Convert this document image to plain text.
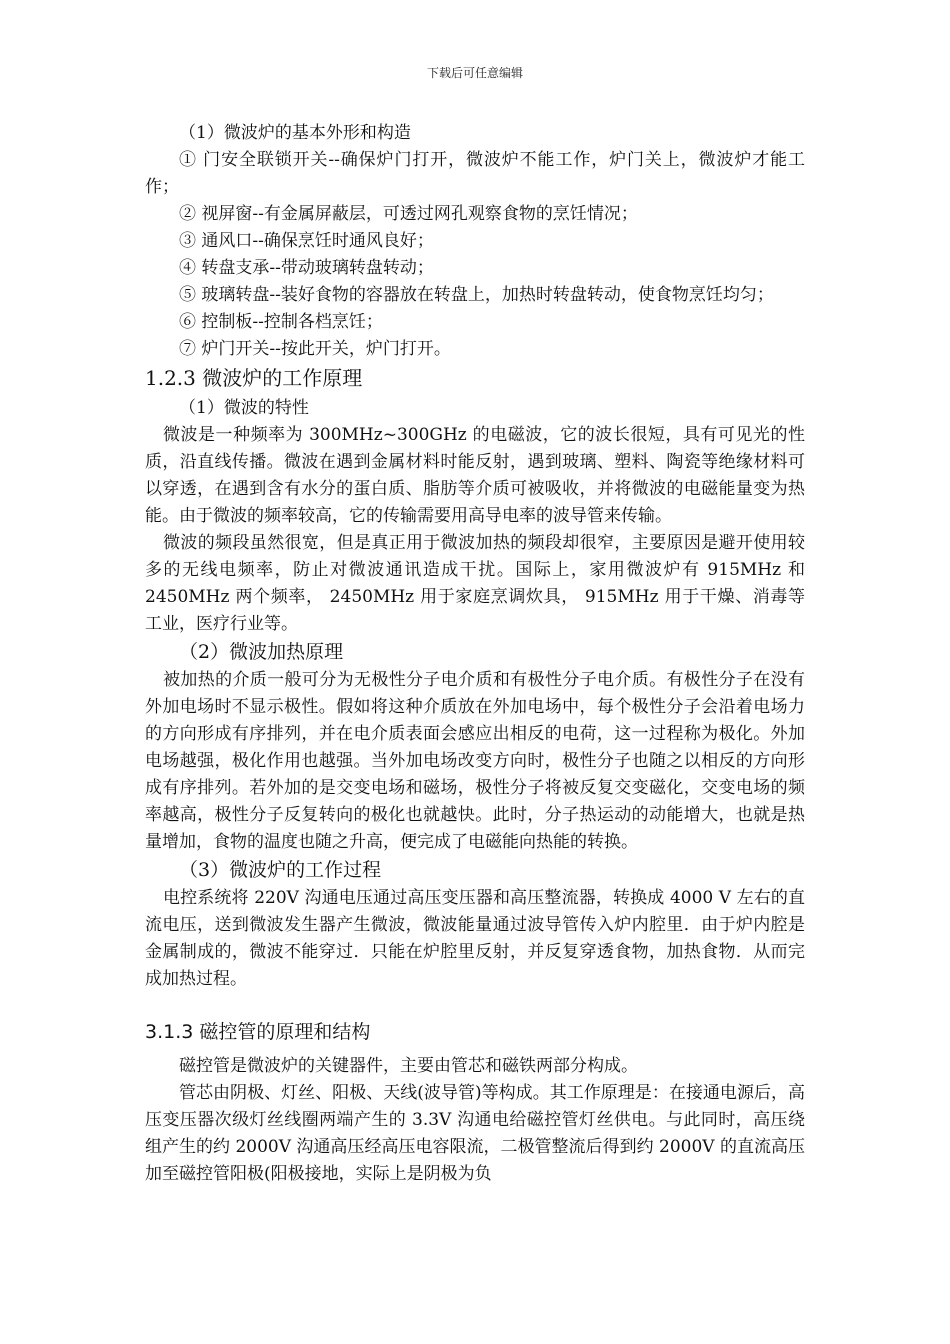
下载后可任意编辑

（1）微波炉的基本外形和构造

① 门安全联锁开关--确保炉门打开，微波炉不能工作，炉门关上，微波炉才能工作；

② 视屏窗--有金属屏蔽层，可透过网孔观察食物的烹饪情况；

③ 通风口--确保烹饪时通风良好；

④ 转盘支承--带动玻璃转盘转动；

⑤ 玻璃转盘--装好食物的容器放在转盘上，加热时转盘转动，使食物烹饪均匀；

⑥ 控制板--控制各档烹饪；

⑦ 炉门开关--按此开关，炉门打开。

1.2.3 微波炉的工作原理

（1）微波的特性

微波是一种频率为 300MHz~300GHz 的电磁波，它的波长很短，具有可见光的性质，沿直线传播。微波在遇到金属材料时能反射，遇到玻璃、塑料、陶瓷等绝缘材料可以穿透，在遇到含有水分的蛋白质、脂肪等介质可被吸收，并将微波的电磁能量变为热能。由于微波的频率较高，它的传输需要用高导电率的波导管来传输。

微波的频段虽然很宽，但是真正用于微波加热的频段却很窄，主要原因是避开使用较多的无线电频率，防止对微波通讯造成干扰。国际上，家用微波炉有 915MHz 和 2450MHz 两个频率， 2450MHz 用于家庭烹调炊具， 915MHz 用于干燥、消毒等工业，医疗行业等。

（2）微波加热原理

被加热的介质一般可分为无极性分子电介质和有极性分子电介质。有极性分子在没有外加电场时不显示极性。假如将这种介质放在外加电场中，每个极性分子会沿着电场力的方向形成有序排列，并在电介质表面会感应出相反的电荷，这一过程称为极化。外加电场越强，极化作用也越强。当外加电场改变方向时，极性分子也随之以相反的方向形成有序排列。若外加的是交变电场和磁场，极性分子将被反复交变磁化，交变电场的频率越高，极性分子反复转向的极化也就越快。此时，分子热运动的动能增大，也就是热量增加，食物的温度也随之升高，便完成了电磁能向热能的转换。

（3）微波炉的工作过程

电控系统将 220V 沟通电压通过高压变压器和高压整流器，转换成 4000 V 左右的直流电压，送到微波发生器产生微波，微波能量通过波导管传入炉内腔里．由于炉内腔是金属制成的，微波不能穿过．只能在炉腔里反射，并反复穿透食物，加热食物．从而完成加热过程。

3.1.3 磁控管的原理和结构

磁控管是微波炉的关键器件，主要由管芯和磁铁两部分构成。

管芯由阴极、灯丝、阳极、天线(波导管)等构成。其工作原理是：在接通电源后，高压变压器次级灯丝线圈两端产生的 3.3V 沟通电给磁控管灯丝供电。与此同时，高压绕组产生的约 2000V 沟通高压经高压电容限流，二极管整流后得到约 2000V 的直流高压加至磁控管阳极(阳极接地，实际上是阴极为负
